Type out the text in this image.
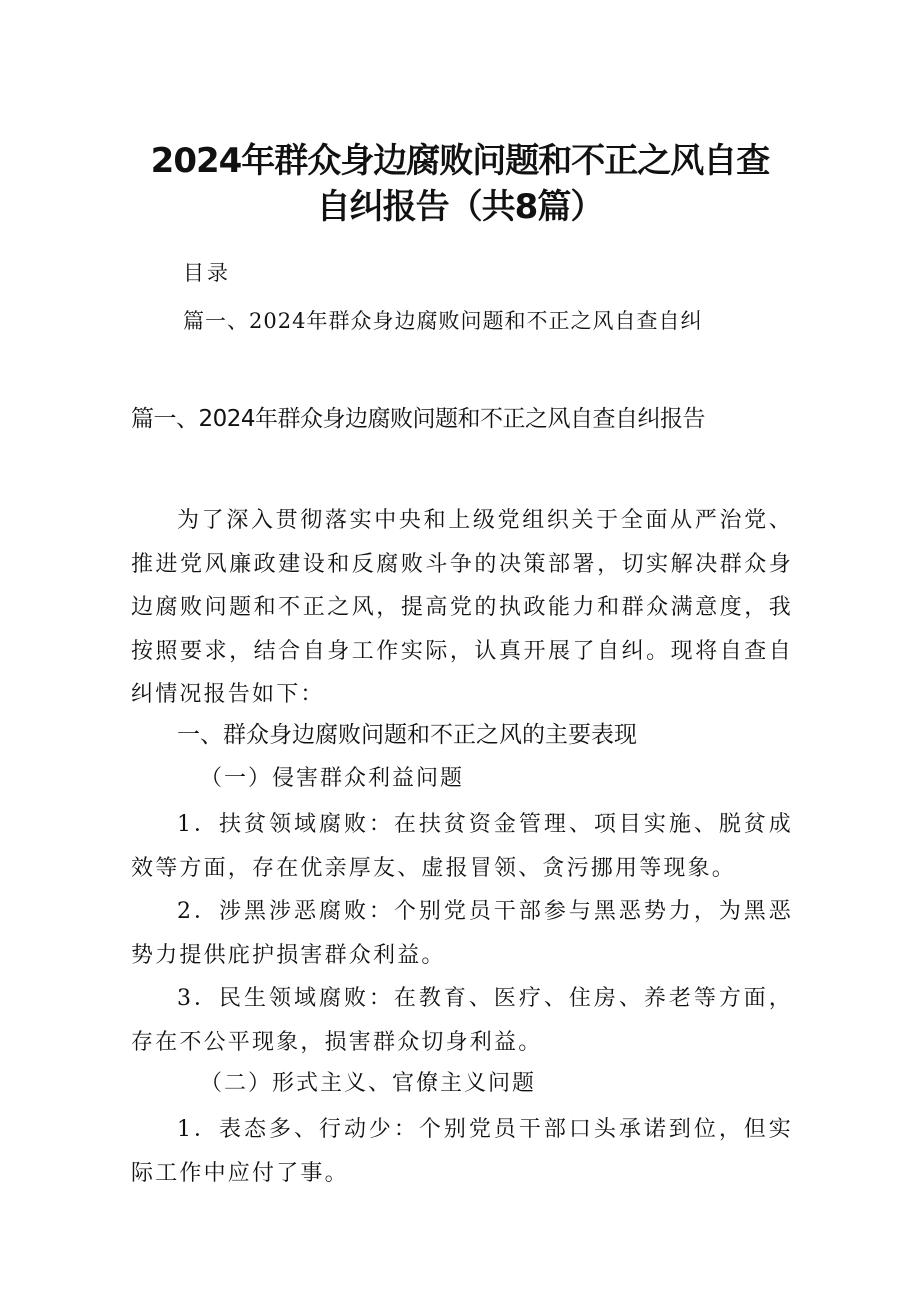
2024年群众身边腐败问题和不正之风自查
自纠报告（共8篇）
目录
篇一、2024年群众身边腐败问题和不正之风自查自纠
篇一、2024年群众身边腐败问题和不正之风自查自纠报告

为了深入贯彻落实中央和上级党组织关于全面从严治党、推进党风廉政建设和反腐败斗争的决策部署，切实解决群众身边腐败问题和不正之风，提高党的执政能力和群众满意度，我按照要求，结合自身工作实际，认真开展了自纠。现将自查自纠情况报告如下：

一、群众身边腐败问题和不正之风的主要表现
（一）侵害群众利益问题

1．扶贫领域腐败：在扶贫资金管理、项目实施、脱贫成效等方面，存在优亲厚友、虚报冒领、贪污挪用等现象。

2．涉黑涉恶腐败：个别党员干部参与黑恶势力，为黑恶势力提供庇护损害群众利益。

3．民生领域腐败：在教育、医疗、住房、养老等方面，存在不公平现象，损害群众切身利益。

（二）形式主义、官僚主义问题

1．表态多、行动少：个别党员干部口头承诺到位，但实际工作中应付了事。
